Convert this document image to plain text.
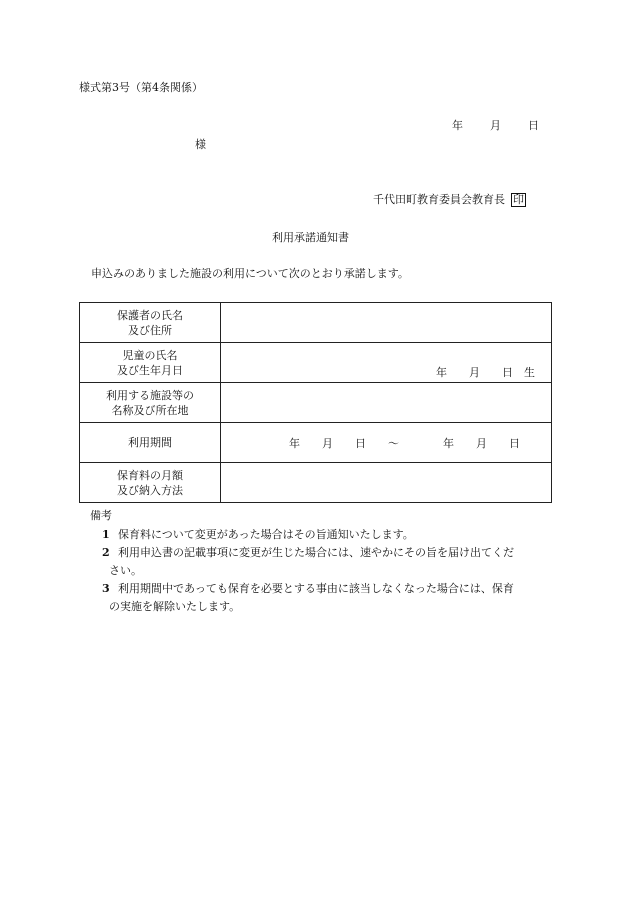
様式第3号（第4条関係）
年 月 日
様
千代田町教育委員会教育長 印
利用承諾通知書
申込みのありました施設の利用について次のとおり承諾します。
保護者の氏名
及び住所	

児童の氏名
及び生年月日	年　　月　　日　生

利用する施設等の
名称及び所在地	

利用期間	年　　月　　日　　～　　　　年　　月　　日

保育料の月額
及び納入方法	

備考
1 保育料について変更があった場合はその旨通知いたします。
2 利用申込書の記載事項に変更が生じた場合には、速やかにその旨を届け出てくだ
さい。
3 利用期間中であっても保育を必要とする事由に該当しなくなった場合には、保育
の実施を解除いたします。
